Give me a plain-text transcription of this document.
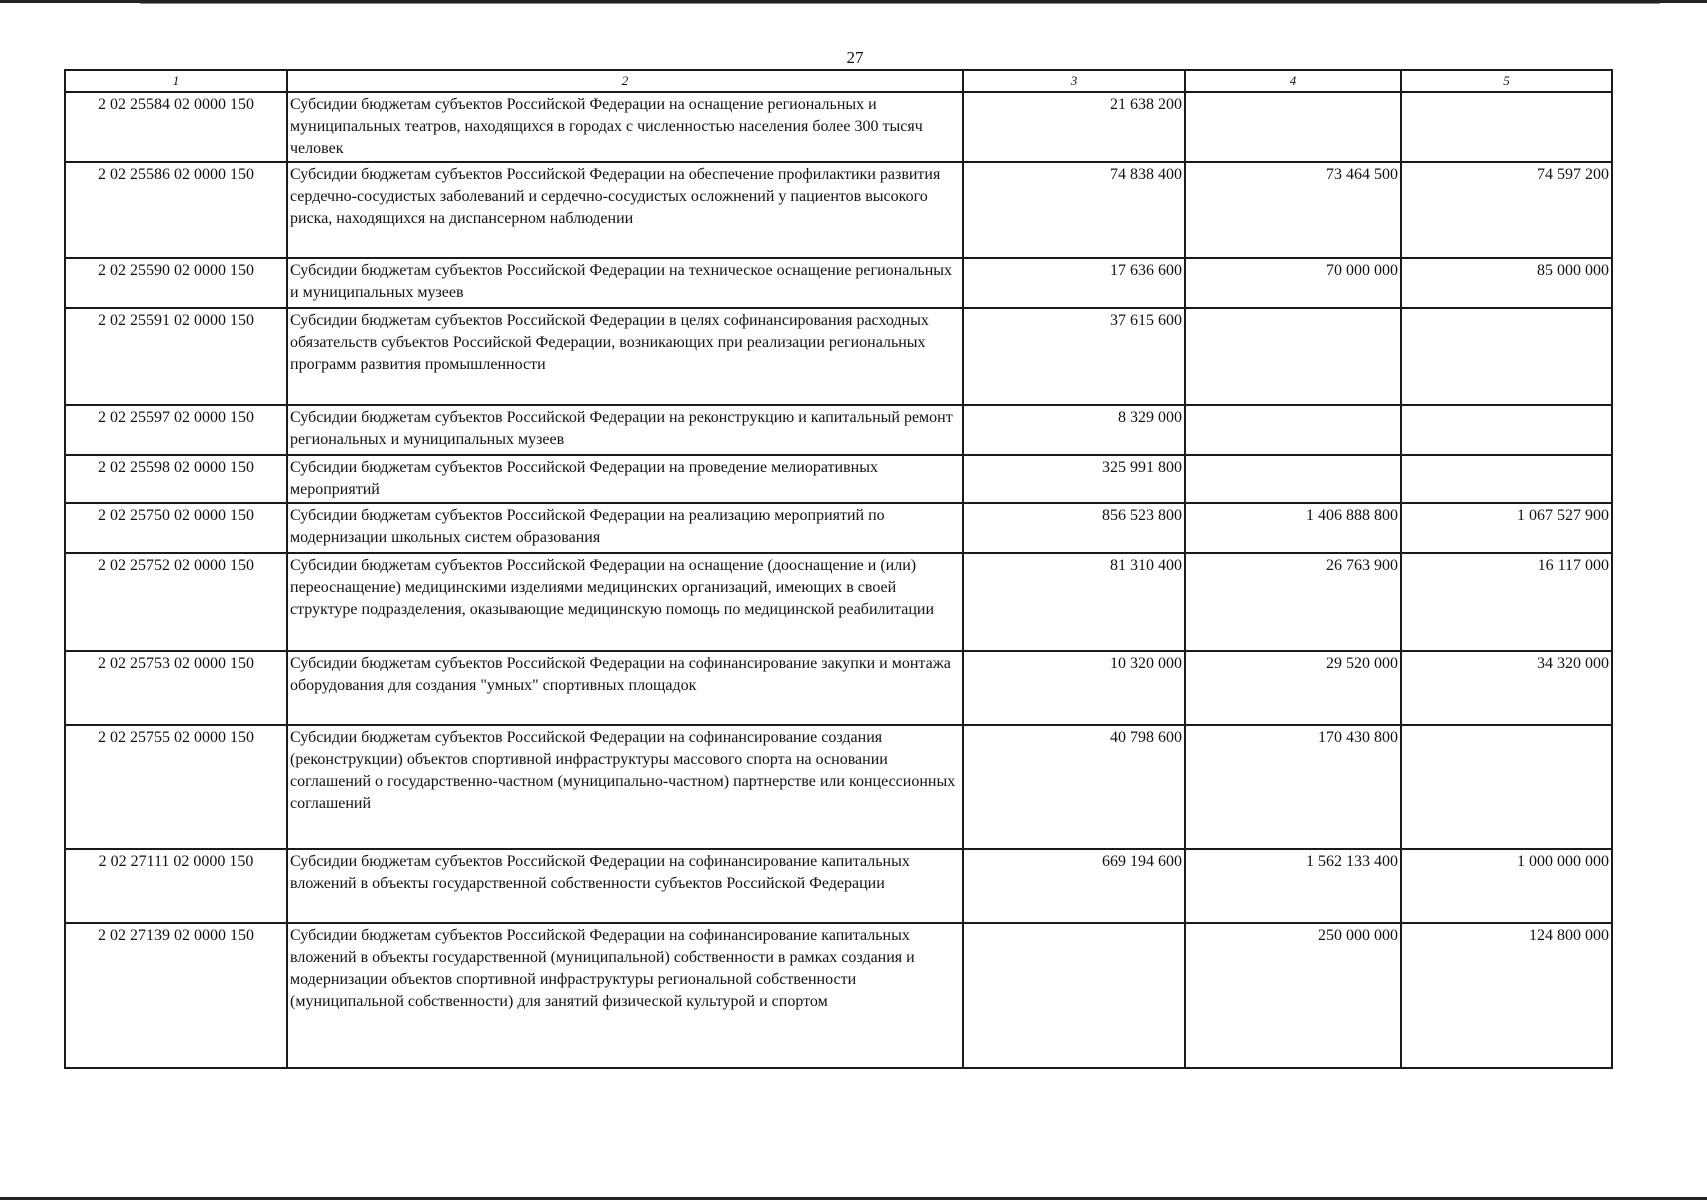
27
1	2	3	4	5
2 02 25584 02 0000 150	Субсидии бюджетам субъектов Российской Федерации на оснащение региональных и муниципальных театров, находящихся в городах с численностью населения более 300 тысяч человек	21 638 200		
2 02 25586 02 0000 150	Субсидии бюджетам субъектов Российской Федерации на обеспечение профилактики развития сердечно-сосудистых заболеваний и сердечно-сосудистых осложнений у пациентов высокого риска, находящихся на диспансерном наблюдении	74 838 400	73 464 500	74 597 200
2 02 25590 02 0000 150	Субсидии бюджетам субъектов Российской Федерации на техническое оснащение региональных и муниципальных музеев	17 636 600	70 000 000	85 000 000
2 02 25591 02 0000 150	Субсидии бюджетам субъектов Российской Федерации в целях софинансирования расходных обязательств субъектов Российской Федерации, возникающих при реализации региональных программ развития промышленности	37 615 600		
2 02 25597 02 0000 150	Субсидии бюджетам субъектов Российской Федерации на реконструкцию и капитальный ремонт региональных и муниципальных музеев	8 329 000		
2 02 25598 02 0000 150	Субсидии бюджетам субъектов Российской Федерации на проведение мелиоративных мероприятий	325 991 800		
2 02 25750 02 0000 150	Субсидии бюджетам субъектов Российской Федерации на реализацию мероприятий по модернизации школьных систем образования	856 523 800	1 406 888 800	1 067 527 900
2 02 25752 02 0000 150	Субсидии бюджетам субъектов Российской Федерации на оснащение (дооснащение и (или) переоснащение) медицинскими изделиями медицинских организаций, имеющих в своей структуре подразделения, оказывающие медицинскую помощь по медицинской реабилитации	81 310 400	26 763 900	16 117 000
2 02 25753 02 0000 150	Субсидии бюджетам субъектов Российской Федерации на софинансирование закупки и монтажа оборудования для создания "умных" спортивных площадок	10 320 000	29 520 000	34 320 000
2 02 25755 02 0000 150	Субсидии бюджетам субъектов Российской Федерации на софинансирование создания (реконструкции) объектов спортивной инфраструктуры массового спорта на основании соглашений о государственно-частном (муниципально-частном) партнерстве или концессионных соглашений	40 798 600	170 430 800	
2 02 27111 02 0000 150	Субсидии бюджетам субъектов Российской Федерации на софинансирование капитальных вложений в объекты государственной собственности субъектов Российской Федерации	669 194 600	1 562 133 400	1 000 000 000
2 02 27139 02 0000 150	Субсидии бюджетам субъектов Российской Федерации на софинансирование капитальных вложений в объекты государственной (муниципальной) собственности в рамках создания и модернизации объектов спортивной инфраструктуры региональной собственности (муниципальной собственности) для занятий физической культурой и спортом		250 000 000	124 800 000
